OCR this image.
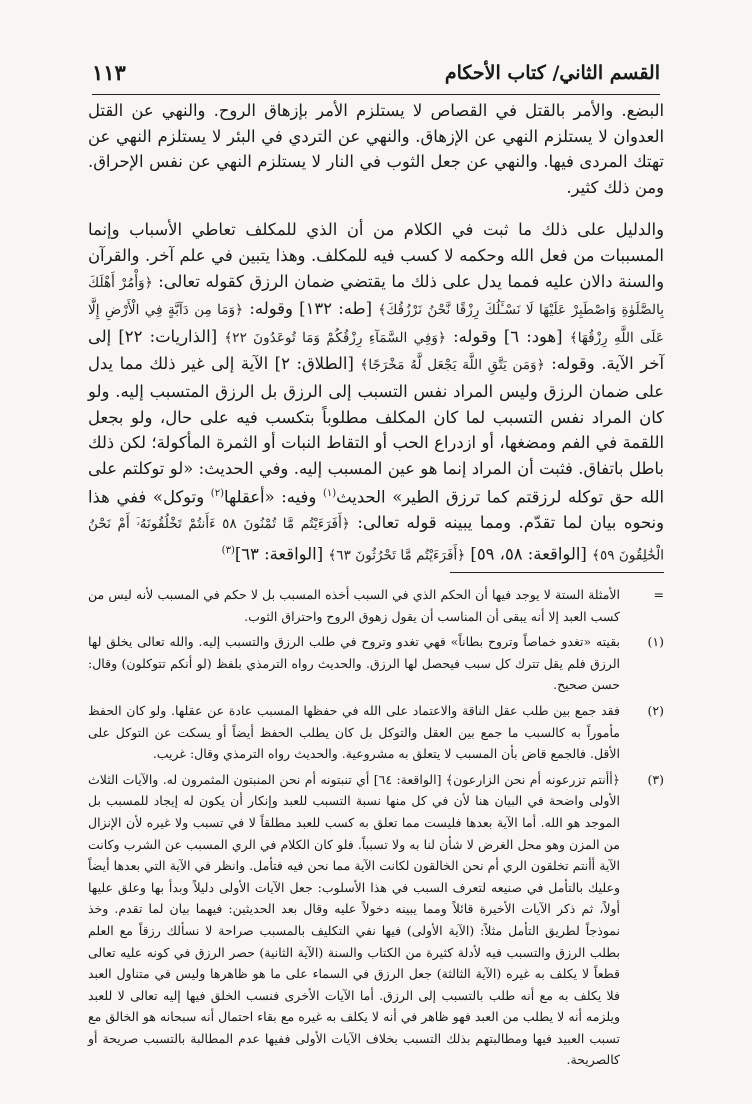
القسم الثاني/ كتاب الأحكام
١١٣

البضع. والأمر بالقتل في القصاص لا يستلزم الأمر بإزهاق الروح. والنهي عن القتل العدوان لا يستلزم النهي عن الإزهاق. والنهي عن التردي في البئر لا يستلزم النهي عن تهتك المردى فيها. والنهي عن جعل الثوب في النار لا يستلزم النهي عن نفس الإحراق. ومن ذلك كثير.

والدليل على ذلك ما ثبت في الكلام من أن الذي للمكلف تعاطي الأسباب وإنما المسببات من فعل الله وحكمه لا كسب فيه للمكلف. وهذا يتبين في علم آخر. والقرآن والسنة دالان عليه فمما يدل على ذلك ما يقتضي ضمان الرزق كقوله تعالى: ﴿وَأْمُرْ أَهْلَكَ بِالصَّلَوٰةِ وَاصْطَبِرْ عَلَيْهَا لَا نَسْـَٔلُكَ رِزْقًا نَّحْنُ نَرْزُقُكَ﴾ [طه: ١٣٢] وقوله: ﴿وَمَا مِن دَآبَّةٍ فِي الْأَرْضِ إِلَّا عَلَى اللَّهِ رِزْقُهَا﴾ [هود: ٦] وقوله: ﴿وَفِي السَّمَآءِ رِزْقُكُمْ وَمَا تُوعَدُونَ ٢٢﴾ [الذاريات: ٢٢] إلى آخر الآية. وقوله: ﴿وَمَن يَتَّقِ اللَّهَ يَجْعَل لَّهُ مَخْرَجًا﴾ [الطلاق: ٢] الآية إلى غير ذلك مما يدل على ضمان الرزق وليس المراد نفس التسبب إلى الرزق بل الرزق المتسبب إليه. ولو كان المراد نفس التسبب لما كان المكلف مطلوباً بتكسب فيه على حال، ولو بجعل اللقمة في الفم ومضغها، أو ازدراع الحب أو التقاط النبات أو الثمرة المأكولة؛ لكن ذلك باطل باتفاق. فثبت أن المراد إنما هو عين المسبب إليه. وفي الحديث: «لو توكلتم على الله حق توكله لرزقتم كما ترزق الطير» الحديث$^{(١)}$ وفيه: «أعقلها$^{(٢)}$ وتوكل» ففي هذا ونحوه بيان لما تقدّم. ومما يبينه قوله تعالى: ﴿أَفَرَءَيْتُم مَّا تُمْنُونَ ٥٨ ءَأَنتُمْ تَخْلُقُونَهُۥٓ أَمْ نَحْنُ الْخَٰلِقُونَ ٥٩﴾ [الواقعة: ٥٨، ٥٩] ﴿أَفَرَءَيْتُم مَّا تَحْرُثُونَ ٦٣﴾ [الواقعة: ٦٣]$^{(٣)}$

=
الأمثلة الستة لا يوجد فيها أن الحكم الذي في السبب أخذه المسبب بل لا حكم في المسبب لأنه ليس من كسب العبد إلا أنه يبقى أن المناسب أن يقول زهوق الروح واحتراق الثوب.
(١)
بقيته «تغدو خماصاً وتروح بطاناً» فهي تغدو وتروح في طلب الرزق والتسبب إليه. والله تعالى يخلق لها الرزق فلم يقل تترك كل سبب فيحصل لها الرزق. والحديث رواه الترمذي بلفظ (لو أنكم تتوكلون) وقال: حسن صحيح.
(٢)
فقد جمع بين طلب عقل الناقة والاعتماد على الله في حفظها المسبب عادة عن عقلها. ولو كان الحفظ مأموراً به كالسبب ما جمع بين العقل والتوكل بل كان يطلب الحفظ أيضاً أو يسكت عن التوكل على الأقل. فالجمع قاض بأن المسبب لا يتعلق به مشروعية. والحديث رواه الترمذي وقال: غريب.
(٣)
﴿أأنتم تزرعونه أم نحن الزارعون﴾ [الواقعة: ٦٤] أي تنبتونه أم نحن المنبتون المثمرون له. والآيات الثلاث الأولى واضحة في البيان هنا لأن في كل منها نسبة التسبب للعبد وإنكار أن يكون له إيجاد للمسبب بل الموجد هو الله. أما الآية بعدها فليست مما تعلق به كسب للعبد مطلقاً لا في تسبب ولا غيره لأن الإنزال من المزن وهو محل الغرض لا شأن لنا به ولا تسبباً. فلو كان الكلام في الري المسبب عن الشرب وكانت الآية أأنتم تخلقون الري أم نحن الخالقون لكانت الآية مما نحن فيه فتأمل. وانظر في الآية التي بعدها أيضاً وعليك بالتأمل في صنيعه لتعرف السبب في هذا الأسلوب: جعل الآيات الأولى دليلاً وبدأ بها وعلق عليها أولاً، ثم ذكر الآيات الأخيرة قائلاً ومما يبينه دخولاً عليه وقال بعد الحديثين: فيهما بيان لما تقدم. وخذ نموذجاً لطريق التأمل مثلاً: (الآية الأولى) فيها نفي التكليف بالمسبب صراحة لا نسألك رزقاً مع العلم بطلب الرزق والتسبب فيه لأدلة كثيرة من الكتاب والسنة (الآية الثانية) حصر الرزق في كونه عليه تعالى قطعاً لا يكلف به غيره (الآية الثالثة) جعل الرزق في السماء على ما هو ظاهرها وليس في متناول العبد فلا يكلف به مع أنه طلب بالتسبب إلى الرزق. أما الآيات الأخرى فنسب الخلق فيها إليه تعالى لا للعبد ويلزمه أنه لا يطلب من العبد فهو ظاهر في أنه لا يكلف به غيره مع بقاء احتمال أنه سبحانه هو الخالق مع تسبب العبيد فيها ومطالبتهم بذلك التسبب بخلاف الآيات الأولى ففيها عدم المطالبة بالتسبب صريحة أو كالصريحة.
